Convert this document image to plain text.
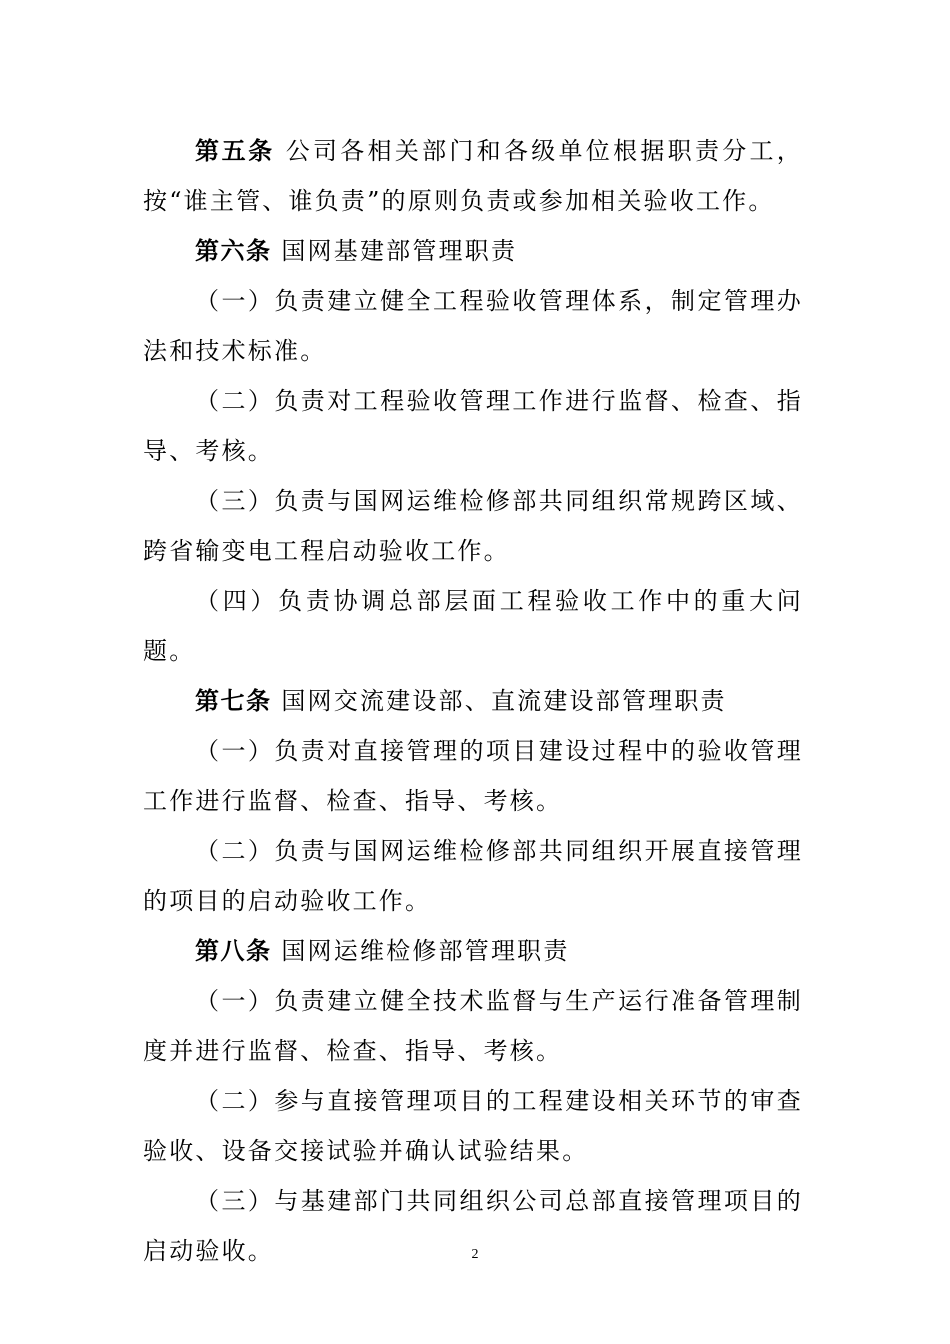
第五条 公司各相关部门和各级单位根据职责分工，按“谁主管、谁负责”的原则负责或参加相关验收工作。

第六条 国网基建部管理职责

（一）负责建立健全工程验收管理体系，制定管理办法和技术标准。

（二）负责对工程验收管理工作进行监督、检查、指导、考核。

（三）负责与国网运维检修部共同组织常规跨区域、跨省输变电工程启动验收工作。

（四）负责协调总部层面工程验收工作中的重大问题。

第七条 国网交流建设部、直流建设部管理职责

（一）负责对直接管理的项目建设过程中的验收管理工作进行监督、检查、指导、考核。

（二）负责与国网运维检修部共同组织开展直接管理的项目的启动验收工作。

第八条 国网运维检修部管理职责

（一）负责建立健全技术监督与生产运行准备管理制度并进行监督、检查、指导、考核。

（二）参与直接管理项目的工程建设相关环节的审查验收、设备交接试验并确认试验结果。

（三）与基建部门共同组织公司总部直接管理项目的启动验收。	2
